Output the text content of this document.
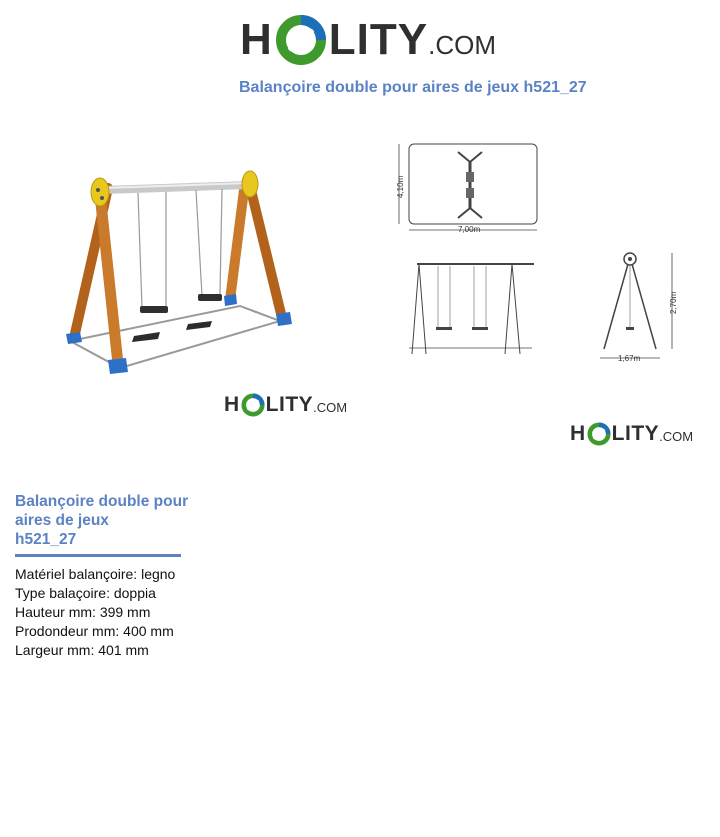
H LITY .COM
Balançoire double pour aires de jeux h521_27
H LITY .COM
4,10m
7,00m
2,70m
1,67m
H LITY .COM
Balançoire double pour
aires de jeux
h521_27
Matériel balançoire: legno
Type balaçoire: doppia
Hauteur mm: 399 mm
Prodondeur mm: 400 mm
Largeur mm: 401 mm
